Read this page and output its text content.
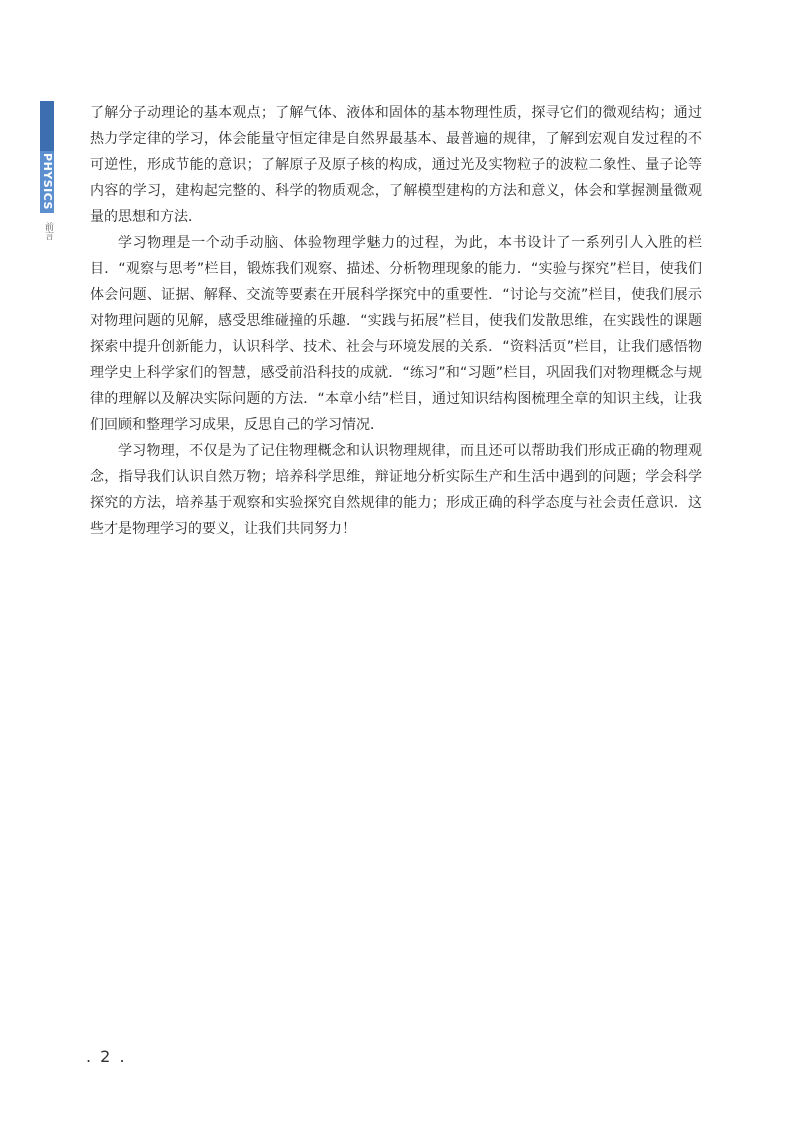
PHYSICS
前言

了解分子动理论的基本观点；了解气体、液体和固体的基本物理性质，探寻它们的微观结构；通过热力学定律的学习，体会能量守恒定律是自然界最基本、最普遍的规律，了解到宏观自发过程的不可逆性，形成节能的意识；了解原子及原子核的构成，通过光及实物粒子的波粒二象性、量子论等内容的学习，建构起完整的、科学的物质观念，了解模型建构的方法和意义，体会和掌握测量微观量的思想和方法．

学习物理是一个动手动脑、体验物理学魅力的过程，为此，本书设计了一系列引人入胜的栏目．“观察与思考”栏目，锻炼我们观察、描述、分析物理现象的能力．“实验与探究”栏目，使我们体会问题、证据、解释、交流等要素在开展科学探究中的重要性．“讨论与交流”栏目，使我们展示对物理问题的见解，感受思维碰撞的乐趣．“实践与拓展”栏目，使我们发散思维，在实践性的课题探索中提升创新能力，认识科学、技术、社会与环境发展的关系．“资料活页”栏目，让我们感悟物理学史上科学家们的智慧，感受前沿科技的成就．“练习”和“习题”栏目，巩固我们对物理概念与规律的理解以及解决实际问题的方法．“本章小结”栏目，通过知识结构图梳理全章的知识主线，让我们回顾和整理学习成果，反思自己的学习情况．

学习物理，不仅是为了记住物理概念和认识物理规律，而且还可以帮助我们形成正确的物理观念，指导我们认识自然万物；培养科学思维，辩证地分析实际生产和生活中遇到的问题；学会科学探究的方法，培养基于观察和实验探究自然规律的能力；形成正确的科学态度与社会责任意识．这些才是物理学习的要义，让我们共同努力！

. 2 .
